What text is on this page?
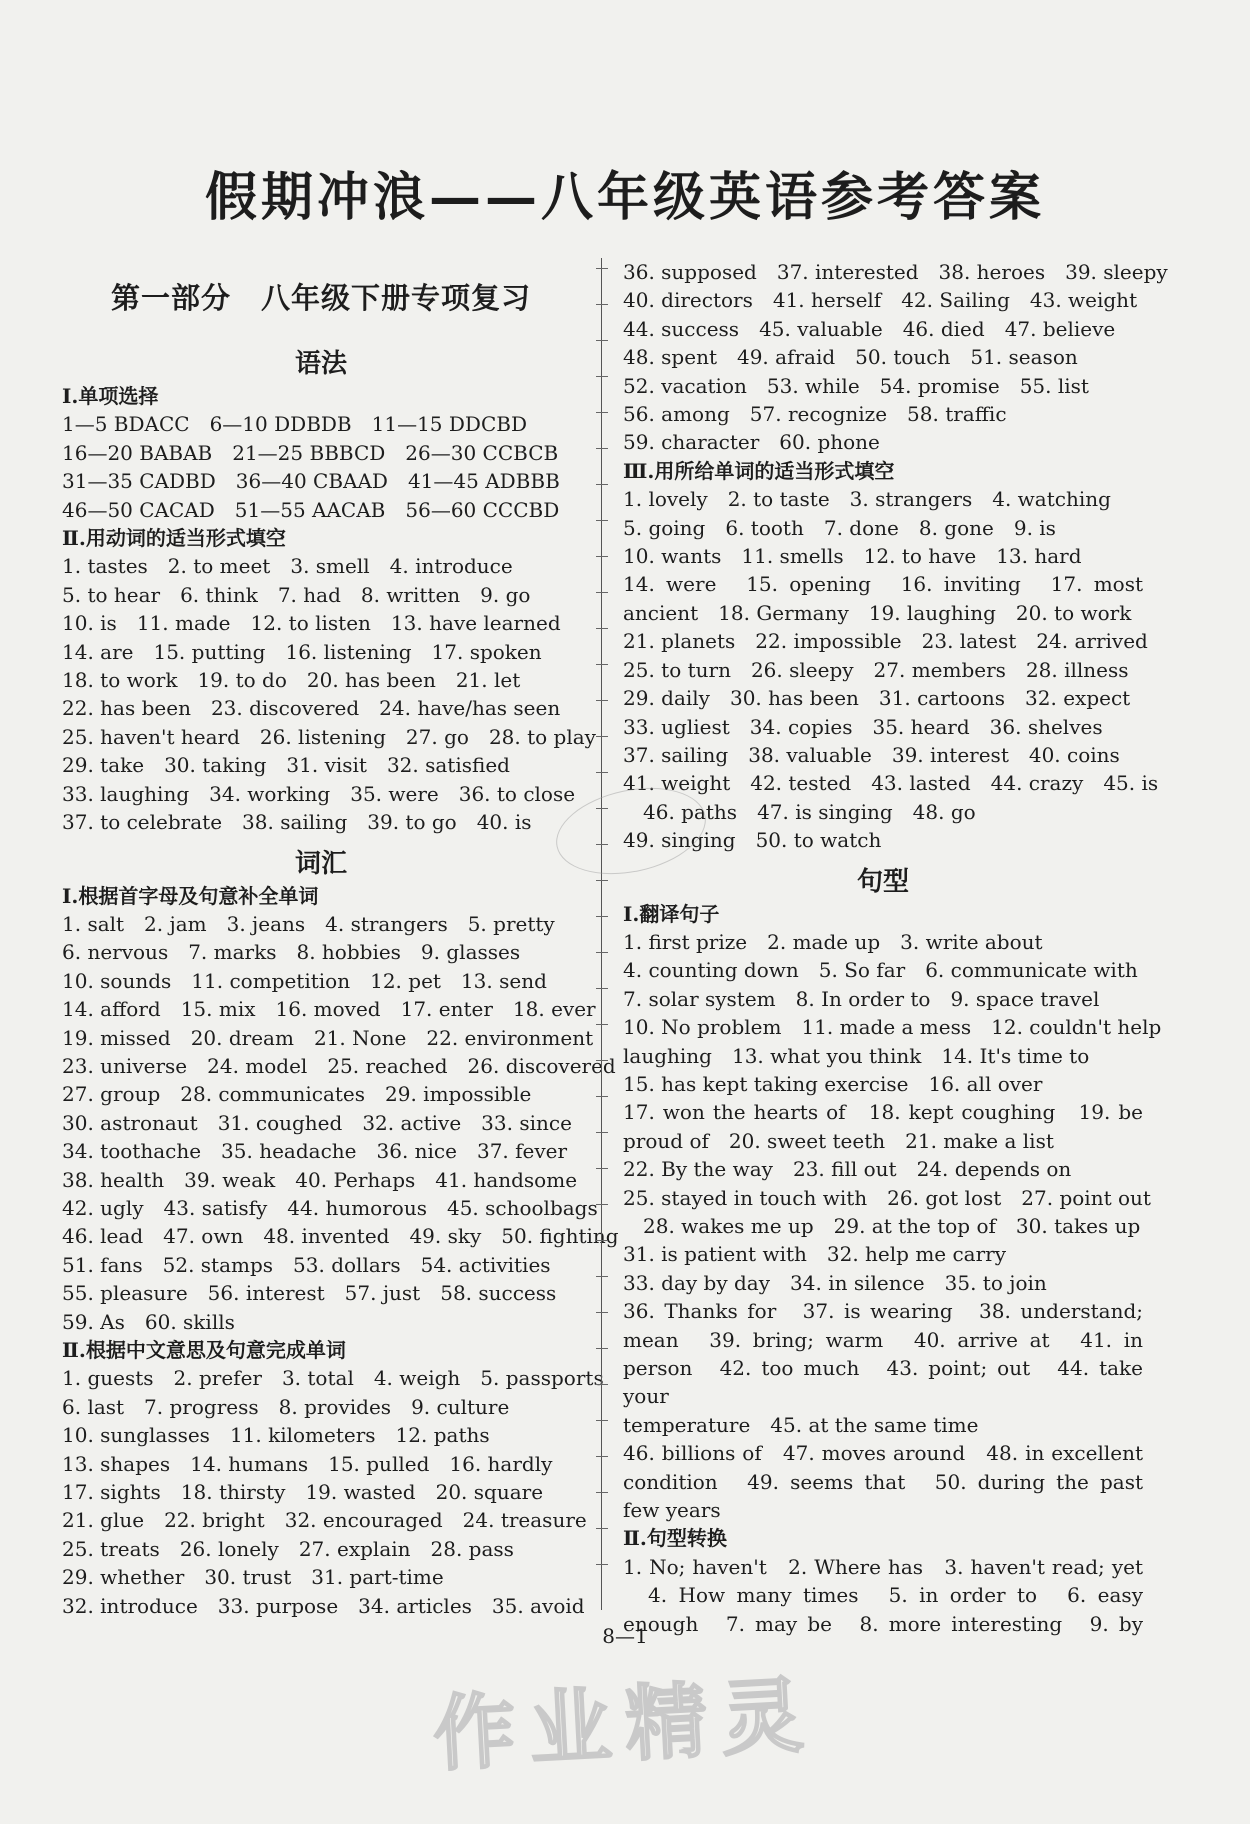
假期冲浪——八年级英语参考答案
第一部分　八年级下册专项复习
语法
Ⅰ.单项选择
1—5 BDACC　6—10 DDBDB　11—15 DDCBD
16—20 BABAB　21—25 BBBCD　26—30 CCBCB
31—35 CADBD　36—40 CBAAD　41—45 ADBBB
46—50 CACAD　51—55 AACAB　56—60 CCCBD
Ⅱ.用动词的适当形式填空
1. tastes　2. to meet　3. smell　4. introduce
5. to hear　6. think　7. had　8. written　9. go
10. is　11. made　12. to listen　13. have learned
14. are　15. putting　16. listening　17. spoken
18. to work　19. to do　20. has been　21. let
22. has been　23. discovered　24. have/has seen
25. haven't heard　26. listening　27. go　28. to play
29. take　30. taking　31. visit　32. satisfied
33. laughing　34. working　35. were　36. to close
37. to celebrate　38. sailing　39. to go　40. is
词汇
Ⅰ.根据首字母及句意补全单词
1. salt　2. jam　3. jeans　4. strangers　5. pretty
6. nervous　7. marks　8. hobbies　9. glasses
10. sounds　11. competition　12. pet　13. send
14. afford　15. mix　16. moved　17. enter　18. ever
19. missed　20. dream　21. None　22. environment
23. universe　24. model　25. reached　26. discovered
27. group　28. communicates　29. impossible
30. astronaut　31. coughed　32. active　33. since
34. toothache　35. headache　36. nice　37. fever
38. health　39. weak　40. Perhaps　41. handsome
42. ugly　43. satisfy　44. humorous　45. schoolbags
46. lead　47. own　48. invented　49. sky　50. fighting
51. fans　52. stamps　53. dollars　54. activities
55. pleasure　56. interest　57. just　58. success
59. As　60. skills
Ⅱ.根据中文意思及句意完成单词
1. guests　2. prefer　3. total　4. weigh　5. passports
6. last　7. progress　8. provides　9. culture
10. sunglasses　11. kilometers　12. paths
13. shapes　14. humans　15. pulled　16. hardly
17. sights　18. thirsty　19. wasted　20. square
21. glue　22. bright　32. encouraged　24. treasure
25. treats　26. lonely　27. explain　28. pass
29. whether　30. trust　31. part-time
32. introduce　33. purpose　34. articles　35. avoid
36. supposed　37. interested　38. heroes　39. sleepy
40. directors　41. herself　42. Sailing　43. weight
44. success　45. valuable　46. died　47. believe
48. spent　49. afraid　50. touch　51. season
52. vacation　53. while　54. promise　55. list
56. among　57. recognize　58. traffic
59. character　60. phone
Ⅲ.用所给单词的适当形式填空
1. lovely　2. to taste　3. strangers　4. watching
5. going　6. tooth　7. done　8. gone　9. is
10. wants　11. smells　12. to have　13. hard
14. were　15. opening　16. inviting　17. most
ancient　18. Germany　19. laughing　20. to work
21. planets　22. impossible　23. latest　24. arrived
25. to turn　26. sleepy　27. members　28. illness
29. daily　30. has been　31. cartoons　32. expect
33. ugliest　34. copies　35. heard　36. shelves
37. sailing　38. valuable　39. interest　40. coins
41. weight　42. tested　43. lasted　44. crazy　45. is
　46. paths　47. is singing　48. go
49. singing　50. to watch
句型
Ⅰ.翻译句子
1. first prize　2. made up　3. write about
4. counting down　5. So far　6. communicate with
7. solar system　8. In order to　9. space travel
10. No problem　11. made a mess　12. couldn't help
laughing　13. what you think　14. It's time to
15. has kept taking exercise　16. all over
17. won the hearts of　18. kept coughing　19. be
proud of　20. sweet teeth　21. make a list
22. By the way　23. fill out　24. depends on
25. stayed in touch with　26. got lost　27. point out
　28. wakes me up　29. at the top of　30. takes up
31. is patient with　32. help me carry
33. day by day　34. in silence　35. to join
36. Thanks for　37. is wearing　38. understand;
mean　39. bring; warm　40. arrive at　41. in
person　42. too much　43. point; out　44. take your
temperature　45. at the same time
46. billions of　47. moves around　48. in excellent
condition　49. seems that　50. during the past
few years
Ⅱ.句型转换
1. No; haven't　2. Where has　3. haven't read; yet
　4. How many times　5. in order to　6. easy
enough　7. may be　8. more interesting　9. by
8—1
作业精灵
